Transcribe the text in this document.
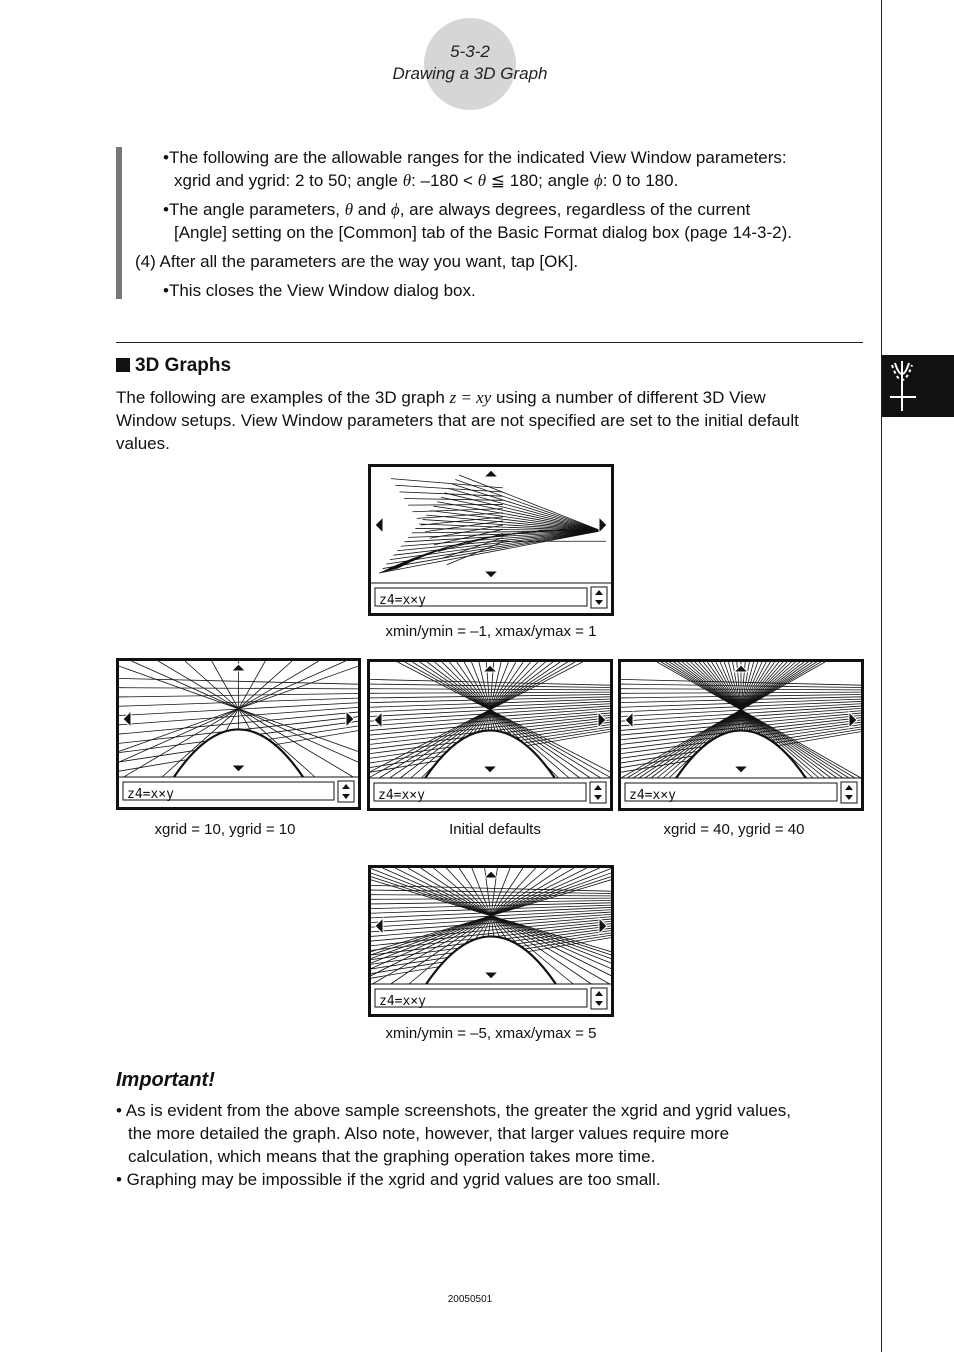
5-3-2
Drawing a 3D Graph
•The following are the allowable ranges for the indicated View Window parameters:
xgrid and ygrid: 2 to 50; angle θ: –180 < θ ≦ 180; angle ϕ: 0 to 180.
•The angle parameters, θ and ϕ, are always degrees, regardless of the current
[Angle] setting on the [Common] tab of the Basic Format dialog box (page 14-3-2).
(4) After all the parameters are the way you want, tap [OK].
•This closes the View Window dialog box.
3D Graphs
The following are examples of the 3D graph z = xy using a number of different 3D View
Window setups. View Window parameters that are not specified are set to the initial default
values.
z4=x×y
xmin/ymin = –1, xmax/ymax = 1
z4=x×y	z4=x×y	z4=x×y
xgrid = 10, ygrid = 10	Initial defaults	xgrid = 40, ygrid = 40
z4=x×y
xmin/ymin = –5, xmax/ymax = 5
Important!
• As is evident from the above sample screenshots, the greater the xgrid and ygrid values,
the more detailed the graph. Also note, however, that larger values require more
calculation, which means that the graphing operation takes more time.
• Graphing may be impossible if the xgrid and ygrid values are too small.
20050501
